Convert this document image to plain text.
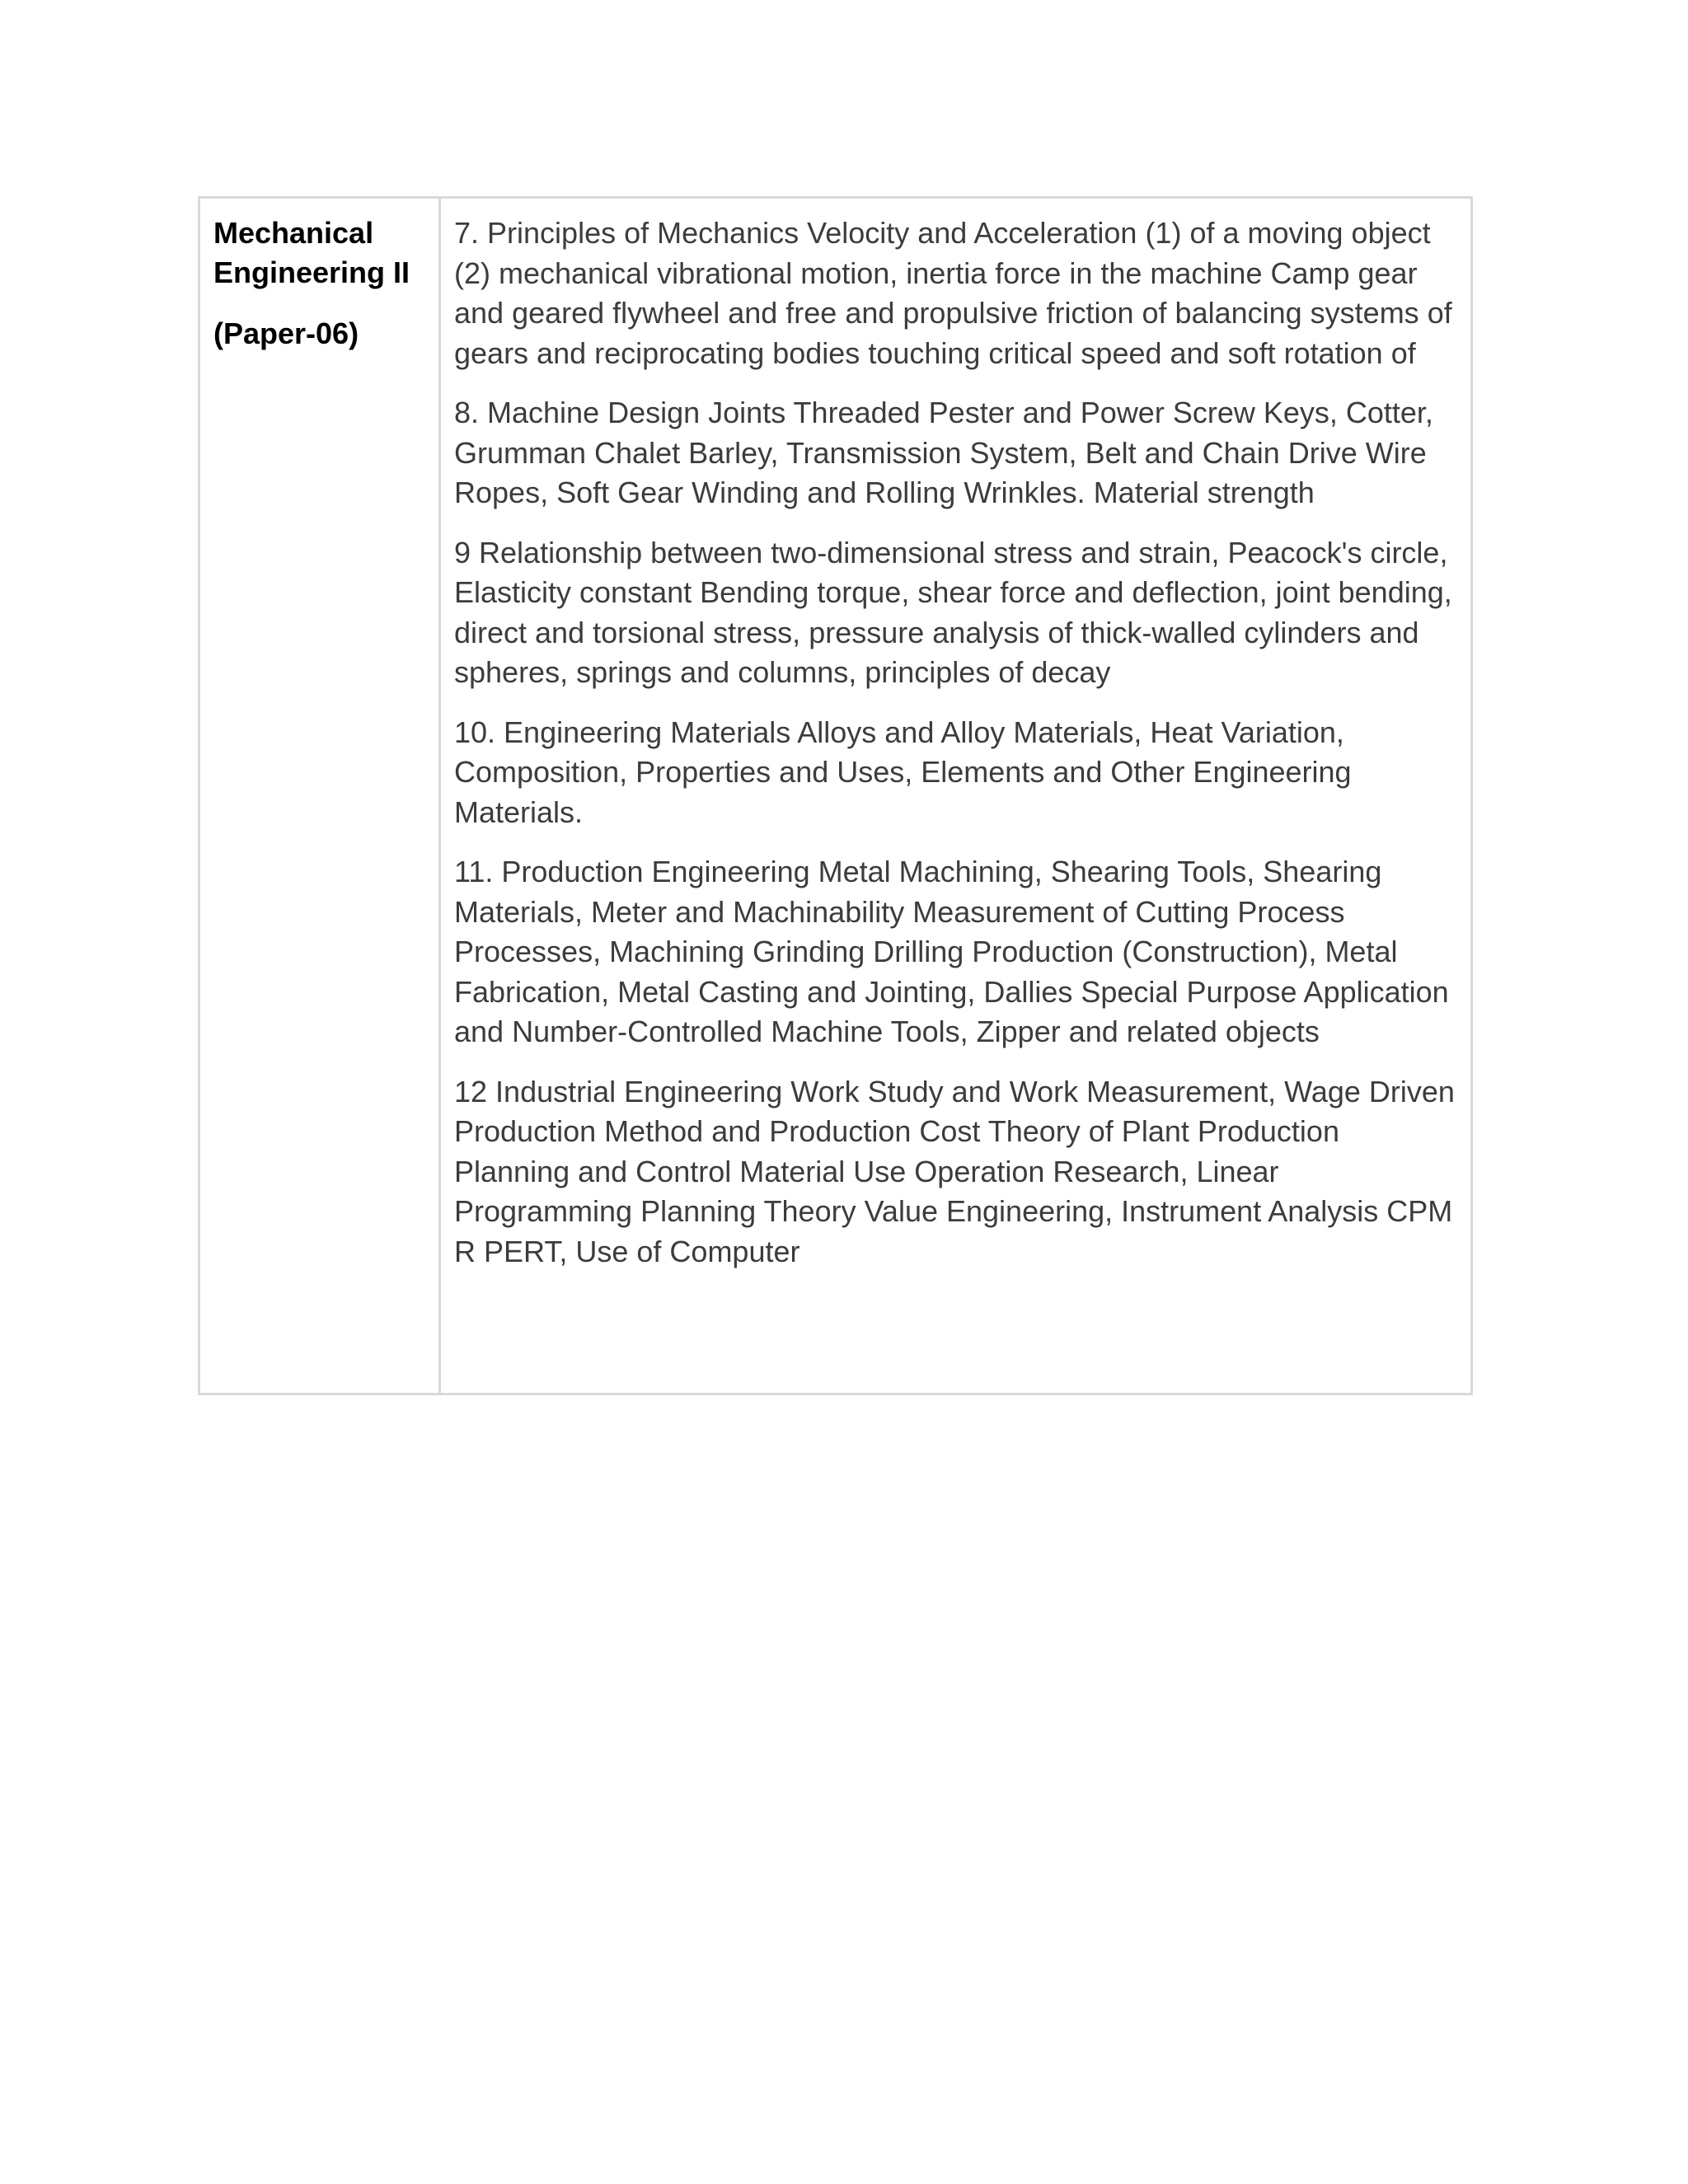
Mechanical
Engineering II

(Paper-06)

7. Principles of Mechanics Velocity and Acceleration (1) of a moving object (2) mechanical vibrational motion, inertia force in the machine Camp gear and geared flywheel and free and propulsive friction of balancing systems of gears and reciprocating bodies touching critical speed and soft rotation of

8. Machine Design Joints Threaded Pester and Power Screw Keys, Cotter, Grumman Chalet Barley, Transmission System, Belt and Chain Drive Wire Ropes, Soft Gear Winding and Rolling Wrinkles. Material strength

9 Relationship between two-dimensional stress and strain, Peacock's circle, Elasticity constant Bending torque, shear force and deflection, joint bending, direct and torsional stress, pressure analysis of thick-walled cylinders and spheres, springs and columns, principles of decay

10. Engineering Materials Alloys and Alloy Materials, Heat Variation, Composition, Properties and Uses, Elements and Other Engineering Materials.

11. Production Engineering Metal Machining, Shearing Tools, Shearing Materials, Meter and Machinability Measurement of Cutting Process Processes, Machining Grinding Drilling Production (Construction), Metal Fabrication, Metal Casting and Jointing, Dallies Special Purpose Application and Number-Controlled Machine Tools, Zipper and related objects

12 Industrial Engineering Work Study and Work Measurement, Wage Driven Production Method and Production Cost Theory of Plant Production Planning and Control Material Use Operation Research, Linear Programming Planning Theory Value Engineering, Instrument Analysis CPM R PERT, Use of Computer
